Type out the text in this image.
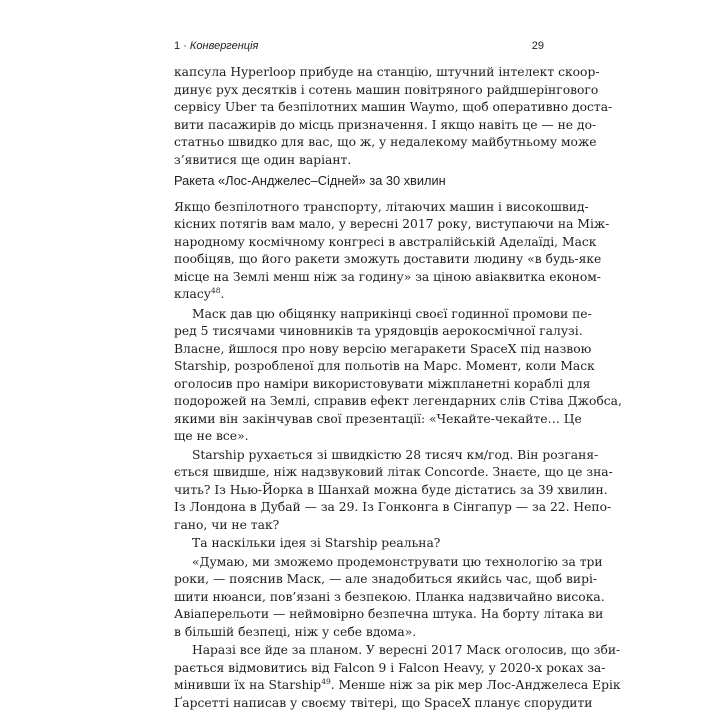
1 · Конвергенція	29
капсула Hyperloop прибуде на станцію, штучний інтелект скоор-
динує рух десятків і сотень машин повітряного райдшерінгового
сервісу Uber та безпілотних машин Waymo, щоб оперативно доста-
вити пасажирів до місць призначення. І якщо навіть це — не до-
статньо швидко для вас, що ж, у недалекому майбутньому може
з’явитися ще один варіант.
Ракета «Лос-Анджелес–Сідней» за 30 хвилин
Якщо безпілотного транспорту, літаючих машин і високошвид-
кісних потягів вам мало, у вересні 2017 року, виступаючи на Між-
народному космічному конгресі в австралійській Аделаїді, Маск
пообіцяв, що його ракети зможуть доставити людину «в будь-яке
місце на Землі менш ніж за годину» за ціною авіаквитка економ-
класу$^{48}$.
Маск дав цю обіцянку наприкінці своєї годинної промови пе-
ред 5 тисячами чиновників та урядовців аерокосмічної галузі.
Власне, йшлося про нову версію мегаракети SpaceX під назвою
Starship, розробленої для польотів на Марс. Момент, коли Маск
оголосив про наміри використовувати міжпланетні кораблі для
подорожей на Землі, справив ефект легендарних слів Стіва Джобса,
якими він закінчував свої презентації: «Чекайте-чекайте… Це
ще не все».
Starship рухається зі швидкістю 28 тисяч км/год. Він розганя-
ється швидше, ніж надзвуковий літак Concorde. Знаєте, що це зна-
чить? Із Нью-Йорка в Шанхай можна буде дістатись за 39 хвилин.
Із Лондона в Дубай — за 29. Із Гонконга в Сінгапур — за 22. Непо-
гано, чи не так?
Та наскільки ідея зі Starship реальна?
«Думаю, ми зможемо продемонструвати цю технологію за три
роки, — пояснив Маск, — але знадобиться якийсь час, щоб вирі-
шити нюанси, пов’язані з безпекою. Планка надзвичайно висока.
Авіаперельоти — неймовірно безпечна штука. На борту літака ви
в більшій безпеці, ніж у себе вдома».
Наразі все йде за планом. У вересні 2017 Маск оголосив, що зби-
рається відмовитись від Falcon 9 і Falcon Heavy, у 2020-х роках за-
мінивши їх на Starship$^{49}$. Менше ніж за рік мер Лос-Анджелеса Ерік
Ґарсетті написав у своєму твітері, що SpaceX планує спорудити
